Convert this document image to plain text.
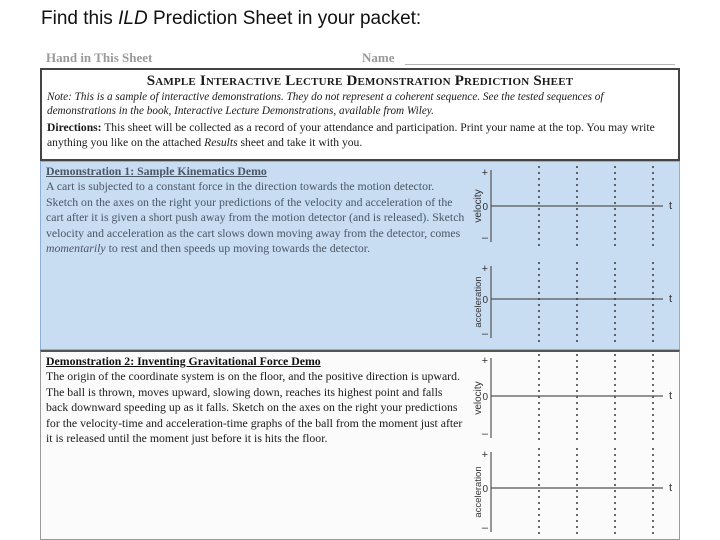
Find this ILD Prediction Sheet in your packet:
Hand in This Sheet	Name
Sample Interactive Lecture Demonstration Prediction Sheet
Note: This is a sample of interactive demonstrations. They do not represent a coherent sequence. See the tested sequences of demonstrations in the book, Interactive Lecture Demonstrations, available from Wiley.
Directions: This sheet will be collected as a record of your attendance and participation. Print your name at the top. You may write anything you like on the attached Results sheet and take it with you.
Demonstration 1: Sample Kinematics Demo
A cart is subjected to a constant force in the direction towards the motion detector. Sketch on the axes on the right your predictions of the velocity and acceleration of the cart after it is given a short push away from the motion detector (and is released). Sketch velocity and acceleration as the cart slows down moving away from the detector, comes momentarily to rest and then speeds up moving towards the detector.
velocity
+
0
–
t
acceleration
+
0
–
t
Demonstration 2: Inventing Gravitational Force Demo
The origin of the coordinate system is on the floor, and the positive direction is upward. The ball is thrown, moves upward, slowing down, reaches its highest point and falls back downward speeding up as it falls. Sketch on the axes on the right your predictions for the velocity-time and acceleration-time graphs of the ball from the moment just after it is released until the moment just before it is hits the floor.
velocity
+
0
–
t
acceleration
+
0
–
t
